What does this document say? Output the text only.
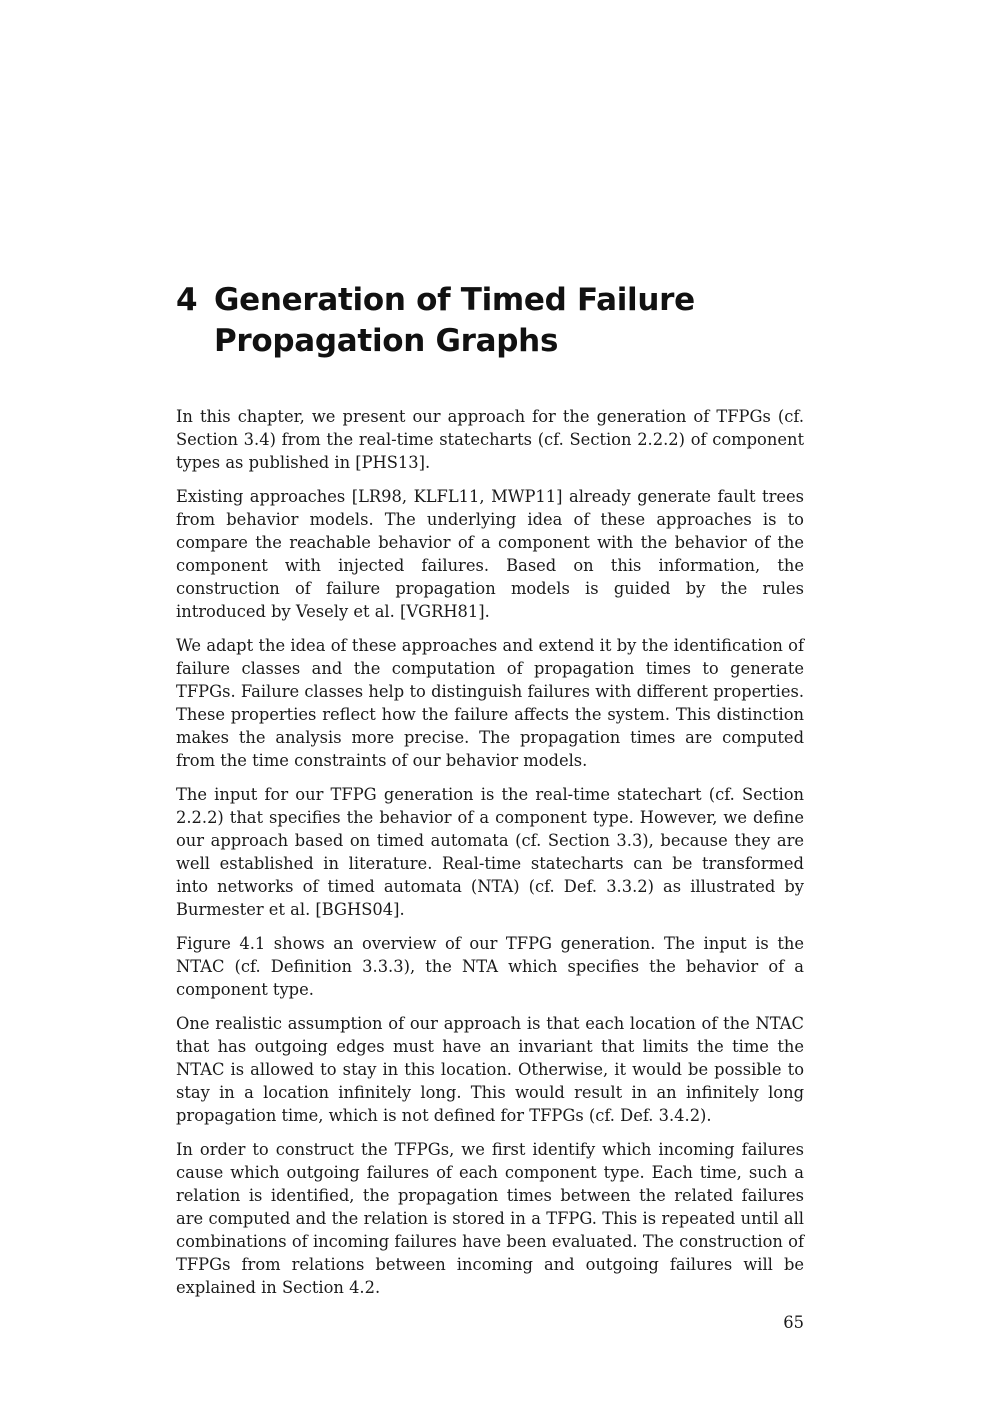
4 Generation of Timed Failure Propagation Graphs

In this chapter, we present our approach for the generation of TFPGs (cf. Section 3.4) from the real-time statecharts (cf. Section 2.2.2) of component types as published in [PHS13].

Existing approaches [LR98, KLFL11, MWP11] already generate fault trees from behavior models. The underlying idea of these approaches is to compare the reachable behavior of a component with the behavior of the component with injected failures. Based on this information, the construction of failure propagation models is guided by the rules introduced by Vesely et al. [VGRH81].

We adapt the idea of these approaches and extend it by the identification of failure classes and the computation of propagation times to generate TFPGs. Failure classes help to distinguish failures with different properties. These properties reflect how the failure affects the system. This distinction makes the analysis more precise. The propagation times are computed from the time constraints of our behavior models.

The input for our TFPG generation is the real-time statechart (cf. Section 2.2.2) that specifies the behavior of a component type. However, we define our approach based on timed automata (cf. Section 3.3), because they are well established in literature. Real-time statecharts can be transformed into networks of timed automata (NTA) (cf. Def. 3.3.2) as illustrated by Burmester et al. [BGHS04].

Figure 4.1 shows an overview of our TFPG generation. The input is the NTAC (cf. Definition 3.3.3), the NTA which specifies the behavior of a component type.

One realistic assumption of our approach is that each location of the NTAC that has outgoing edges must have an invariant that limits the time the NTAC is allowed to stay in this location. Otherwise, it would be possible to stay in a location infinitely long. This would result in an infinitely long propagation time, which is not defined for TFPGs (cf. Def. 3.4.2).

In order to construct the TFPGs, we first identify which incoming failures cause which outgoing failures of each component type. Each time, such a relation is identified, the propagation times between the related failures are computed and the relation is stored in a TFPG. This is repeated until all combinations of incoming failures have been evaluated. The construction of TFPGs from relations between incoming and outgoing failures will be explained in Section 4.2.

65
